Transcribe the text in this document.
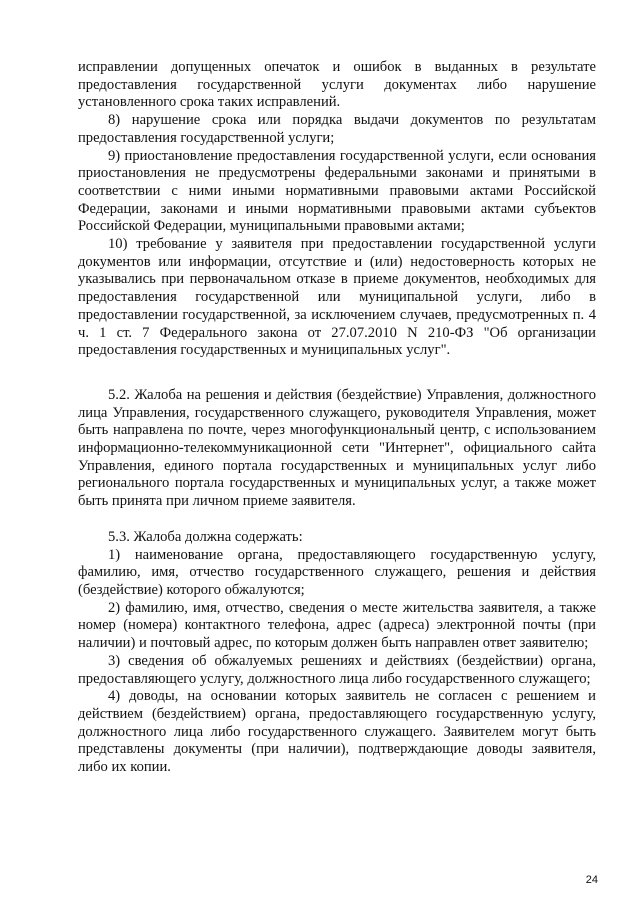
исправлении допущенных опечаток и ошибок в выданных в результате предоставления государственной услуги документах либо нарушение установленного срока таких исправлений.

8) нарушение срока или порядка выдачи документов по результатам предоставления государственной услуги;

9) приостановление предоставления государственной услуги, если основания приостановления не предусмотрены федеральными законами и принятыми в соответствии с ними иными нормативными правовыми актами Российской Федерации, законами и иными нормативными правовыми актами субъектов Российской Федерации, муниципальными правовыми актами;

10) требование у заявителя при предоставлении государственной услуги документов или информации, отсутствие и (или) недостоверность которых не указывались при первоначальном отказе в приеме документов, необходимых для предоставления государственной или муниципальной услуги, либо в предоставлении государственной, за исключением случаев, предусмотренных п. 4 ч. 1 ст. 7 Федерального закона от 27.07.2010 N 210-ФЗ "Об организации предоставления государственных и муниципальных услуг".

5.2. Жалоба на решения и действия (бездействие) Управления, должностного лица Управления, государственного служащего, руководителя Управления, может быть направлена по почте, через многофункциональный центр, с использованием информационно-телекоммуникационной сети "Интернет", официального сайта Управления, единого портала государственных и муниципальных услуг либо регионального портала государственных и муниципальных услуг, а также может быть принята при личном приеме заявителя.

5.3. Жалоба должна содержать:

1) наименование органа, предоставляющего государственную услугу, фамилию, имя, отчество государственного служащего, решения и действия (бездействие) которого обжалуются;

2) фамилию, имя, отчество, сведения о месте жительства заявителя, а также номер (номера) контактного телефона, адрес (адреса) электронной почты (при наличии) и почтовый адрес, по которым должен быть направлен ответ заявителю;

3) сведения об обжалуемых решениях и действиях (бездействии) органа, предоставляющего услугу, должностного лица либо государственного служащего;

4) доводы, на основании которых заявитель не согласен с решением и действием (бездействием) органа, предоставляющего государственную услугу, должностного лица либо государственного служащего. Заявителем могут быть представлены документы (при наличии), подтверждающие доводы заявителя, либо их копии.

24
